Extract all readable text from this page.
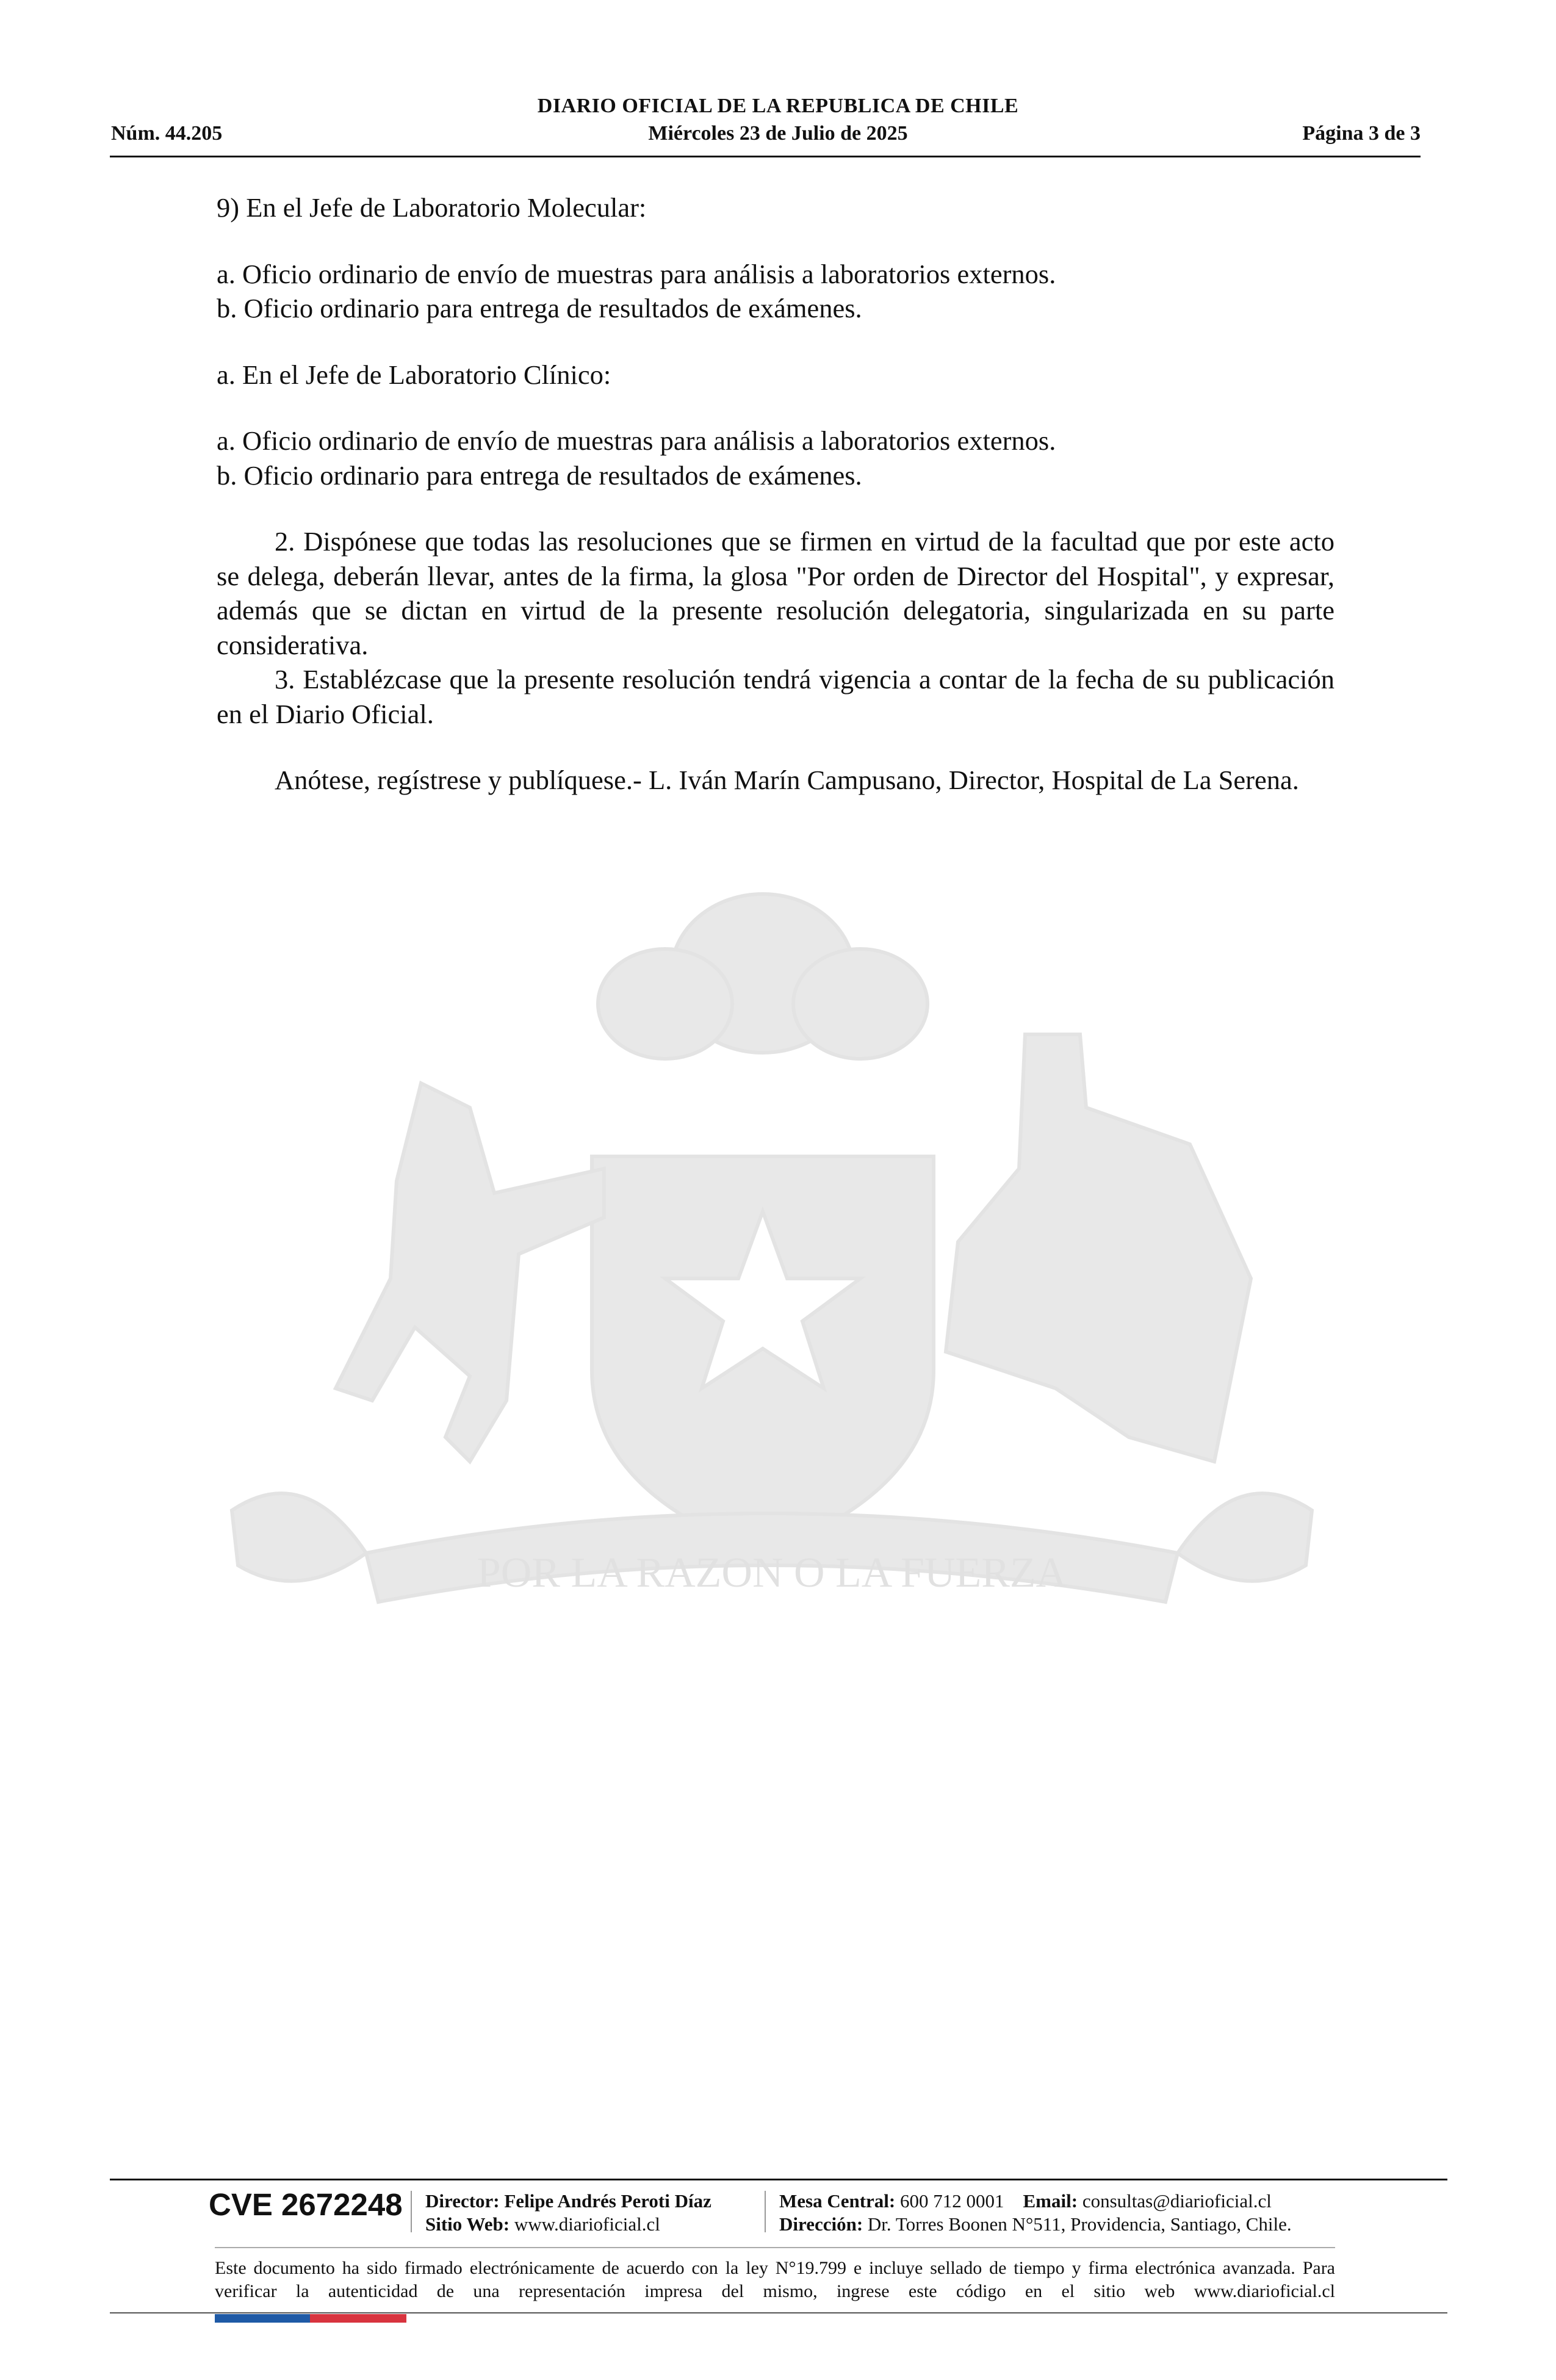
DIARIO OFICIAL DE LA REPUBLICA DE CHILE
Núm. 44.205	Miércoles 23 de Julio de 2025	Página 3 de 3
POR LA RAZON O LA FUERZA

9) En el Jefe de Laboratorio Molecular:

a. Oficio ordinario de envío de muestras para análisis a laboratorios externos.

b. Oficio ordinario para entrega de resultados de exámenes.

a. En el Jefe de Laboratorio Clínico:

a. Oficio ordinario de envío de muestras para análisis a laboratorios externos.

b. Oficio ordinario para entrega de resultados de exámenes.

2. Dispónese que todas las resoluciones que se firmen en virtud de la facultad que por este acto se delega, deberán llevar, antes de la firma, la glosa "Por orden de Director del Hospital", y expresar, además que se dictan en virtud de la presente resolución delegatoria, singularizada en su parte considerativa.

3. Establézcase que la presente resolución tendrá vigencia a contar de la fecha de su publicación en el Diario Oficial.

Anótese, regístrese y publíquese.- L. Iván Marín Campusano, Director, Hospital de La Serena.

CVE 2672248 Director: Felipe Andrés Peroti Díaz
Sitio Web: www.diarioficial.cl
Mesa Central: 600 712 0001 Email: consultas@diarioficial.cl
Dirección: Dr. Torres Boonen N°511, Providencia, Santiago, Chile.
Este documento ha sido firmado electrónicamente de acuerdo con la ley N°19.799 e incluye sellado de tiempo y firma electrónica avanzada. Para verificar la autenticidad de una representación impresa del mismo, ingrese este código en el sitio web www.diarioficial.cl
